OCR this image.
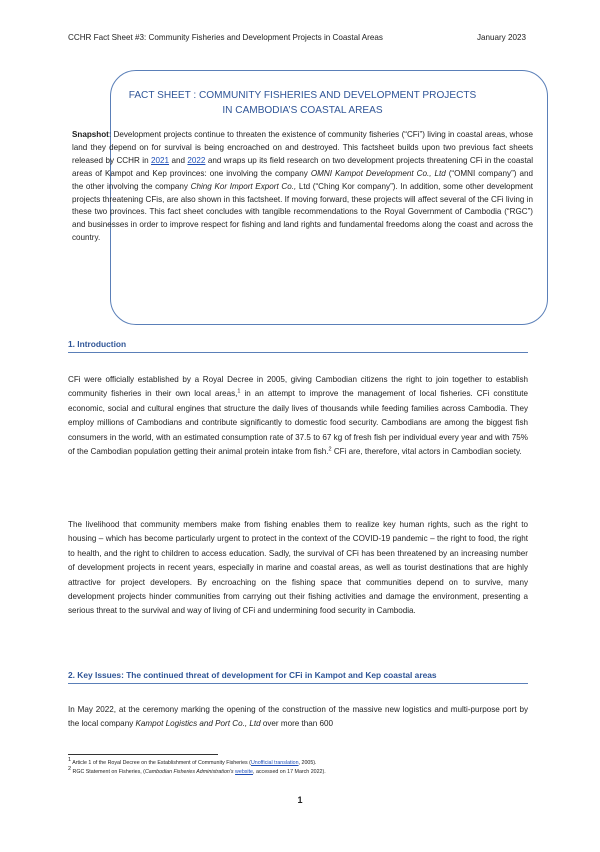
CCHR Fact Sheet #3: Community Fisheries and Development Projects in Coastal Areas	January 2023
FACT SHEET : COMMUNITY FISHERIES AND DEVELOPMENT PROJECTS
IN CAMBODIA’S COASTAL AREAS

Snapshot: Development projects continue to threaten the existence of community fisheries (“CFi”) living in coastal areas, whose land they depend on for survival is being encroached on and destroyed. This factsheet builds upon two previous fact sheets released by CCHR in 2021 and 2022 and wraps up its field research on two development projects threatening CFi in the coastal areas of Kampot and Kep provinces: one involving the company OMNI Kampot Development Co., Ltd (“OMNI company”) and the other involving the company Ching Kor Import Export Co., Ltd (“Ching Kor company”). In addition, some other development projects threatening CFis, are also shown in this factsheet. If moving forward, these projects will affect several of the CFi living in these two provinces. This fact sheet concludes with tangible recommendations to the Royal Government of Cambodia (“RGC”) and businesses in order to improve respect for fishing and land rights and fundamental freedoms along the coast and across the country.

1. Introduction

CFi were officially established by a Royal Decree in 2005, giving Cambodian citizens the right to join together to establish community fisheries in their own local areas,$^1$ in an attempt to improve the management of local fisheries. CFi constitute economic, social and cultural engines that structure the daily lives of thousands while feeding families across Cambodia. They employ millions of Cambodians and contribute significantly to domestic food security. Cambodians are among the biggest fish consumers in the world, with an estimated consumption rate of 37.5 to 67 kg of fresh fish per individual every year and with 75% of the Cambodian population getting their animal protein intake from fish.$^2$ CFi are, therefore, vital actors in Cambodian society.

The livelihood that community members make from fishing enables them to realize key human rights, such as the right to housing – which has become particularly urgent to protect in the context of the COVID-19 pandemic – the right to food, the right to health, and the right to children to access education. Sadly, the survival of CFi has been threatened by an increasing number of development projects in recent years, especially in marine and coastal areas, as well as tourist destinations that are highly attractive for project developers. By encroaching on the fishing space that communities depend on to survive, many development projects hinder communities from carrying out their fishing activities and damage the environment, presenting a serious threat to the survival and way of living of CFi and undermining food security in Cambodia.

2. Key Issues: The continued threat of development for CFi in Kampot and Kep coastal areas

In May 2022, at the ceremony marking the opening of the construction of the massive new logistics and multi-purpose port by the local company Kampot Logistics and Port Co., Ltd over more than 600

$^1$ Article 1 of the Royal Decree on the Establishment of Community Fisheries (Unofficial translation, 2005).

$^2$ RGC Statement on Fisheries, (Cambodian Fisheries Administration’s website, accessed on 17 March 2022).

1
